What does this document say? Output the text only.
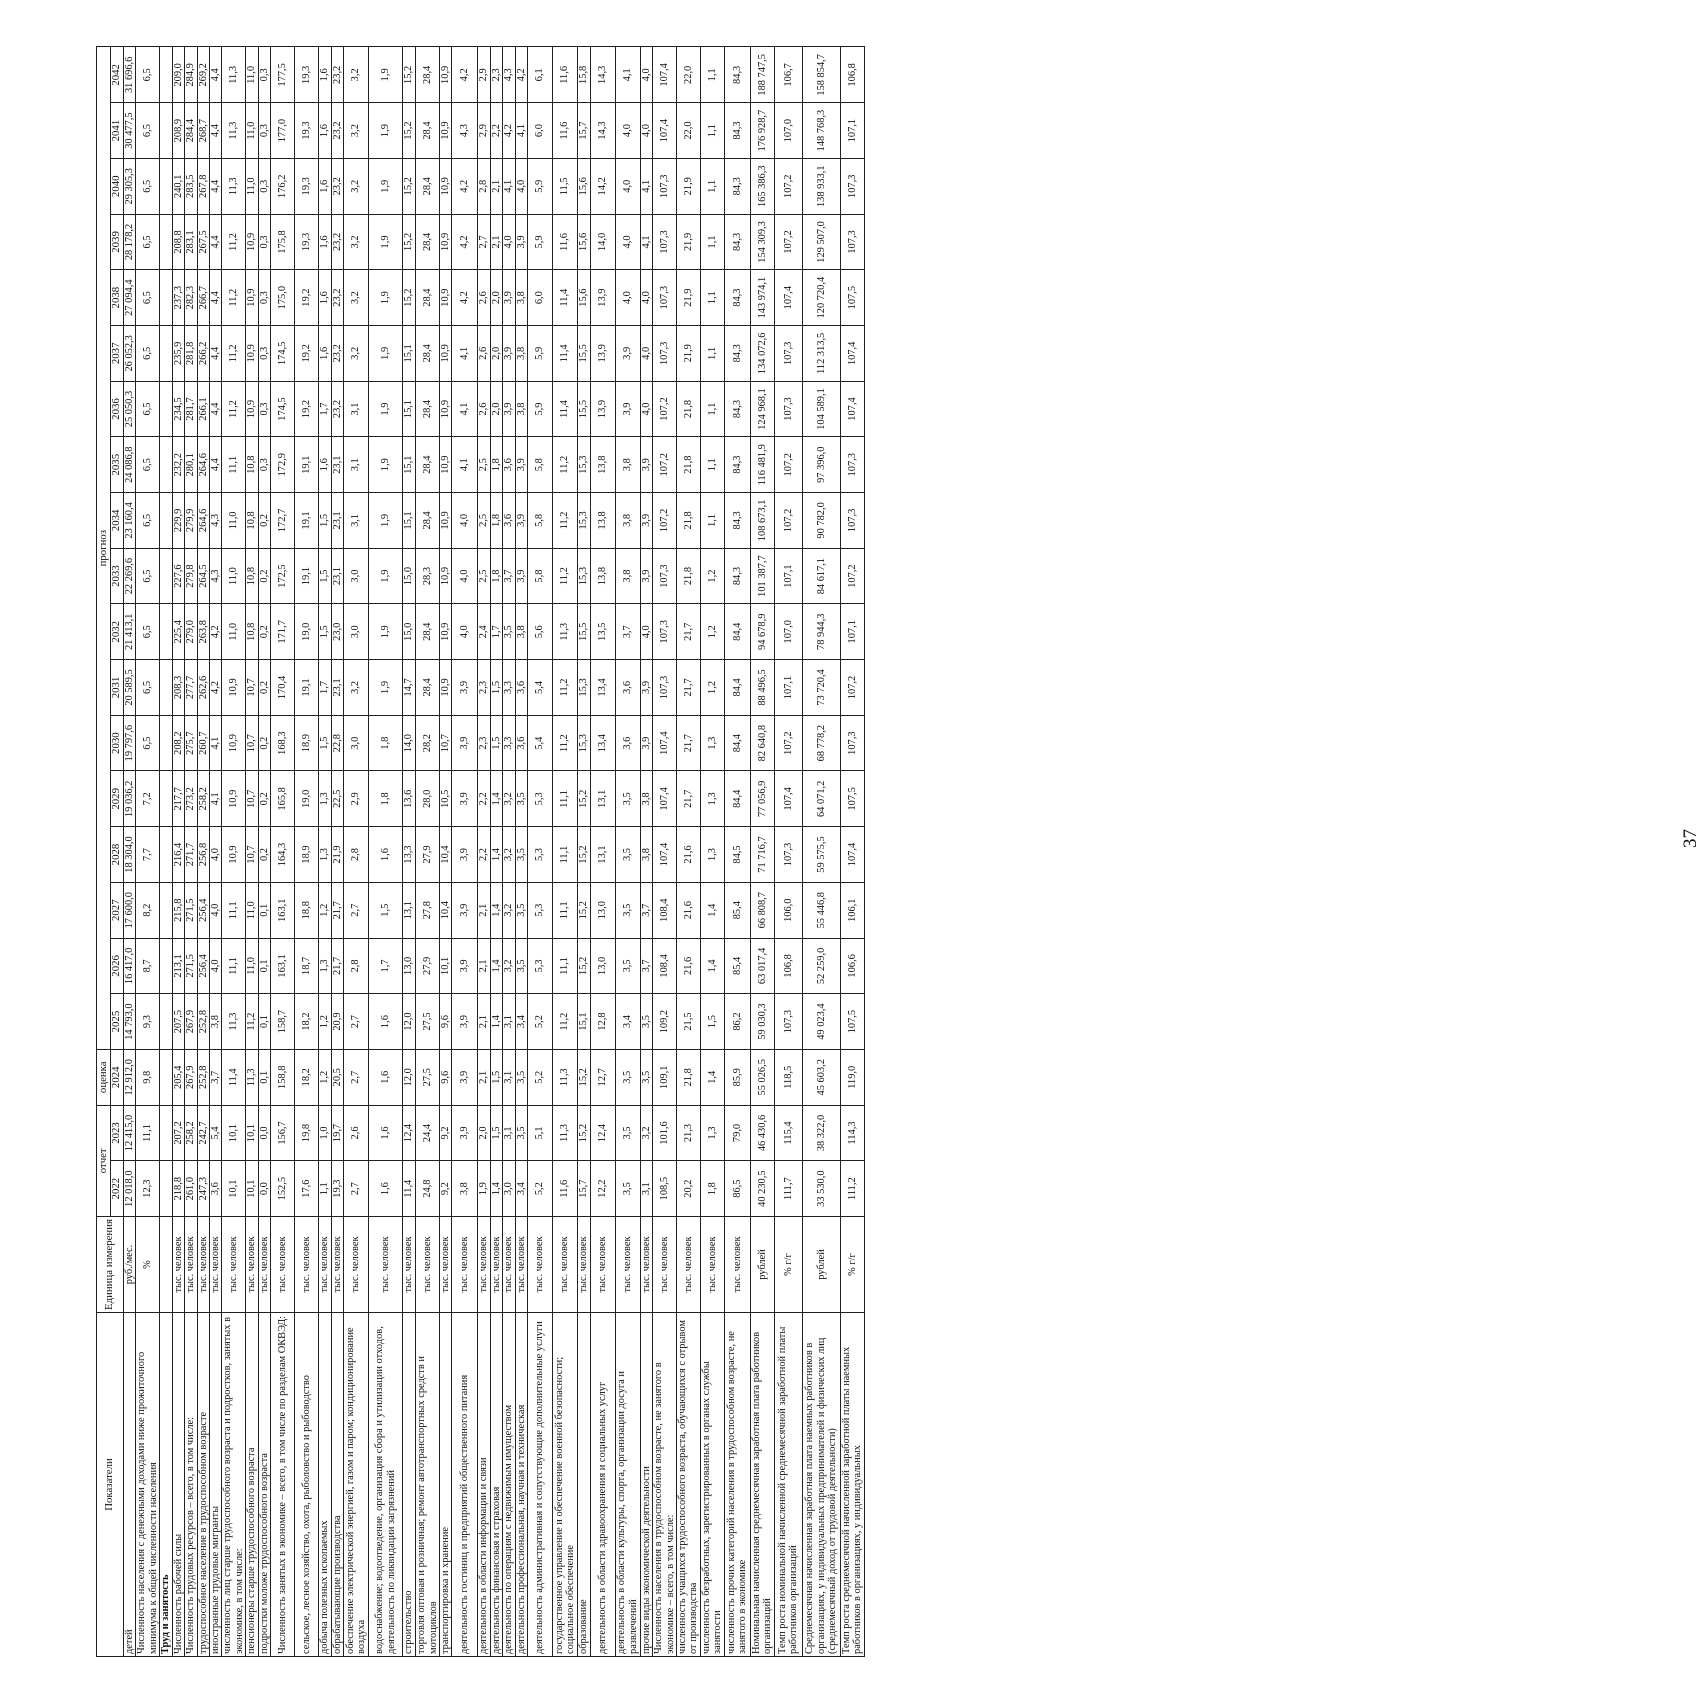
Показатели	Единица измерения	отчет		оценка	прогноз																	
		2022	2023	2024	2025	2026	2027	2028	2029	2030	2031	2032	2033	2034	2035	2036	2037	2038	2039	2040	2041	2042
детей	руб./мес.	12 018,0	12 415,0	12 912,0	14 793,0	16 417,0	17 600,0	18 304,0	19 036,2	19 797,6	20 589,5	21 413,1	22 269,6	23 160,4	24 086,8	25 050,3	26 052,3	27 094,4	28 178,2	29 305,3	30 477,5	31 696,6
Численность населения с денежными доходами ниже прожиточного минимума к общей численности населения	%	12,3	11,1	9,8	9,3	8,7	8,2	7,7	7,2	6,5	6,5	6,5	6,5	6,5	6,5	6,5	6,5	6,5	6,5	6,5	6,5	6,5
Труд и занятость																						
Численность рабочей силы	тыс. человек	218,8	207,2	205,4	207,5	213,1	215,8	216,4	217,7	208,2	208,3	225,4	227,6	229,9	232,2	234,5	235,9	237,3	208,8	240,1	208,9	209,0
Численность трудовых ресурсов – всего, в том числе:	тыс. человек	261,0	258,2	267,9	267,9	271,5	271,5	271,7	273,2	275,7	277,7	279,0	279,8	279,9	280,1	281,7	281,8	282,3	283,1	283,5	284,4	284,9
трудоспособное население в трудоспособном возрасте	тыс. человек	247,3	242,7	252,8	252,8	256,4	256,4	256,8	258,2	260,7	262,6	263,8	264,5	264,6	264,6	266,1	266,2	266,7	267,5	267,8	268,7	269,2
иностранные трудовые мигранты	тыс. человек	3,6	5,4	3,7	3,8	4,0	4,0	4,0	4,1	4,1	4,2	4,2	4,3	4,3	4,4	4,4	4,4	4,4	4,4	4,4	4,4	4,4
численность лиц старше трудоспособного возраста и подростков, занятых в экономике, в том числе:	тыс. человек	10,1	10,1	11,4	11,3	11,1	11,1	10,9	10,9	10,9	10,9	11,0	11,0	11,0	11,1	11,2	11,2	11,2	11,2	11,3	11,3	11,3
пенсионеры старше трудоспособного возраста	тыс. человек	10,1	10,1	11,3	11,2	11,0	11,0	10,7	10,7	10,7	10,7	10,8	10,8	10,8	10,8	10,9	10,9	10,9	10,9	11,0	11,0	11,0
подростки моложе трудоспособного возраста	тыс. человек	0,0	0,0	0,1	0,1	0,1	0,1	0,2	0,2	0,2	0,2	0,2	0,2	0,2	0,3	0,3	0,3	0,3	0,3	0,3	0,3	0,3
Численность занятых в экономике – всего, в том числе по разделам ОКВЭД:	тыс. человек	152,5	156,7	158,8	158,7	163,1	163,1	164,3	165,8	168,3	170,4	171,7	172,5	172,7	172,9	174,5	174,5	175,0	175,8	176,2	177,0	177,5
сельское, лесное хозяйство, охота, рыболовство и рыбоводство	тыс. человек	17,6	19,8	18,2	18,2	18,7	18,8	18,9	19,0	18,9	19,1	19,0	19,1	19,1	19,1	19,2	19,2	19,2	19,3	19,3	19,3	19,3
добыча полезных ископаемых	тыс. человек	1,1	1,0	1,2	1,2	1,3	1,2	1,3	1,3	1,5	1,7	1,5	1,5	1,5	1,6	1,7	1,6	1,6	1,6	1,6	1,6	1,6
обрабатывающие производства	тыс. человек	19,3	19,7	20,5	20,9	21,7	21,7	21,9	22,5	22,8	23,1	23,0	23,1	23,1	23,1	23,2	23,2	23,2	23,2	23,2	23,2	23,2
обеспечение электрической энергией, газом и паром; кондиционирование воздуха	тыс. человек	2,7	2,6	2,7	2,7	2,8	2,7	2,8	2,9	3,0	3,2	3,0	3,0	3,1	3,1	3,1	3,2	3,2	3,2	3,2	3,2	3,2
водоснабжение; водоотведение, организация сбора и утилизации отходов, деятельность по ликвидации загрязнений	тыс. человек	1,6	1,6	1,6	1,6	1,7	1,5	1,6	1,8	1,8	1,9	1,9	1,9	1,9	1,9	1,9	1,9	1,9	1,9	1,9	1,9	1,9
строительство	тыс. человек	11,4	12,4	12,0	12,0	13,0	13,1	13,3	13,6	14,0	14,7	15,0	15,0	15,1	15,1	15,1	15,1	15,2	15,2	15,2	15,2	15,2
торговля оптовая и розничная; ремонт автотранспортных средств и мотоциклов	тыс. человек	24,8	24,4	27,5	27,5	27,9	27,8	27,9	28,0	28,2	28,4	28,4	28,3	28,4	28,4	28,4	28,4	28,4	28,4	28,4	28,4	28,4
транспортировка и хранение	тыс. человек	9,2	9,2	9,6	9,6	10,1	10,4	10,4	10,5	10,7	10,9	10,9	10,9	10,9	10,9	10,9	10,9	10,9	10,9	10,9	10,9	10,9
деятельность гостиниц и предприятий общественного питания	тыс. человек	3,8	3,9	3,9	3,9	3,9	3,9	3,9	3,9	3,9	3,9	4,0	4,0	4,0	4,1	4,1	4,1	4,2	4,2	4,2	4,3	4,2
деятельность в области информации и связи	тыс. человек	1,9	2,0	2,1	2,1	2,1	2,1	2,2	2,2	2,3	2,3	2,4	2,5	2,5	2,5	2,6	2,6	2,6	2,7	2,8	2,9	2,9
деятельность финансовая и страховая	тыс. человек	1,4	1,5	1,5	1,4	1,4	1,4	1,4	1,4	1,5	1,5	1,7	1,8	1,8	1,8	2,0	2,0	2,0	2,1	2,1	2,2	2,3
деятельность по операциям с недвижимым имуществом	тыс. человек	3,0	3,1	3,1	3,1	3,2	3,2	3,2	3,2	3,3	3,3	3,5	3,7	3,6	3,6	3,9	3,9	3,9	4,0	4,1	4,2	4,3
деятельность профессиональная, научная и техническая	тыс. человек	3,4	3,5	3,5	3,4	3,5	3,5	3,5	3,5	3,6	3,6	3,8	3,9	3,9	3,9	3,8	3,8	3,8	3,9	4,0	4,1	4,2
деятельность административная и сопутствующие дополнительные услуги	тыс. человек	5,2	5,1	5,2	5,2	5,3	5,3	5,3	5,3	5,4	5,4	5,6	5,8	5,8	5,8	5,9	5,9	6,0	5,9	5,9	6,0	6,1
государственное управление и обеспечение военной безопасности; социальное обеспечение	тыс. человек	11,6	11,3	11,3	11,2	11,1	11,1	11,1	11,1	11,2	11,2	11,3	11,2	11,2	11,2	11,4	11,4	11,4	11,6	11,5	11,6	11,6
образование	тыс. человек	15,7	15,2	15,2	15,1	15,2	15,2	15,2	15,2	15,3	15,3	15,5	15,3	15,3	15,3	15,5	15,5	15,6	15,6	15,6	15,7	15,8
деятельность в области здравоохранения и социальных услуг	тыс. человек	12,2	12,4	12,7	12,8	13,0	13,0	13,1	13,1	13,4	13,4	13,5	13,8	13,8	13,8	13,9	13,9	13,9	14,0	14,2	14,3	14,3
деятельность в области культуры, спорта, организации досуга и развлечений	тыс. человек	3,5	3,5	3,5	3,4	3,5	3,5	3,5	3,5	3,6	3,6	3,7	3,8	3,8	3,8	3,9	3,9	4,0	4,0	4,0	4,0	4,1
прочие виды экономической деятельности	тыс. человек	3,1	3,2	3,5	3,5	3,7	3,7	3,8	3,8	3,9	3,9	4,0	3,9	3,9	3,9	4,0	4,0	4,0	4,1	4,1	4,0	4,0
Численность населения в трудоспособном возрасте, не занятого в экономике – всего, в том числе:	тыс. человек	108,5	101,6	109,1	109,2	108,4	108,4	107,4	107,4	107,4	107,3	107,3	107,3	107,2	107,2	107,2	107,3	107,3	107,3	107,3	107,4	107,4
численность учащихся трудоспособного возраста, обучающихся с отрывом от производства	тыс. человек	20,2	21,3	21,8	21,5	21,6	21,6	21,6	21,7	21,7	21,7	21,7	21,8	21,8	21,8	21,8	21,9	21,9	21,9	21,9	22,0	22,0
численность безработных, зарегистрированных в органах службы занятости	тыс. человек	1,8	1,3	1,4	1,5	1,4	1,4	1,3	1,3	1,3	1,2	1,2	1,2	1,1	1,1	1,1	1,1	1,1	1,1	1,1	1,1	1,1
численность прочих категорий населения в трудоспособном возрасте, не занятого в экономике	тыс. человек	86,5	79,0	85,9	86,2	85,4	85,4	84,5	84,4	84,4	84,4	84,4	84,3	84,3	84,3	84,3	84,3	84,3	84,3	84,3	84,3	84,3
Номинальная начисленная среднемесячная заработная плата работников организаций	рублей	40 230,5	46 430,6	55 026,5	59 030,3	63 017,4	66 808,7	71 716,7	77 056,9	82 640,8	88 496,5	94 678,9	101 387,7	108 673,1	116 481,9	124 968,1	134 072,6	143 974,1	154 309,3	165 386,3	176 928,7	188 747,5
Темп роста номинальной начисленной среднемесячной заработной платы работников организаций	% г/г	111,7	115,4	118,5	107,3	106,8	106,0	107,3	107,4	107,2	107,1	107,0	107,1	107,2	107,2	107,3	107,3	107,4	107,2	107,2	107,0	106,7
Среднемесячная начисленная заработная плата наемных работников в организациях, у индивидуальных предпринимателей и физических лиц (среднемесячный доход от трудовой деятельности)	рублей	33 530,0	38 322,0	45 603,2	49 023,4	52 259,0	55 446,8	59 575,5	64 071,2	68 778,2	73 720,4	78 944,3	84 617,1	90 782,0	97 396,0	104 589,1	112 313,5	120 720,4	129 507,0	138 933,1	148 768,3	158 854,7
Темп роста среднемесячной начисленной заработной платы наемных работников в организациях, у индивидуальных	% г/г	111,2	114,3	119,0	107,5	106,6	106,1	107,4	107,5	107,3	107,2	107,1	107,2	107,3	107,3	107,4	107,4	107,5	107,3	107,3	107,1	106,8
37
